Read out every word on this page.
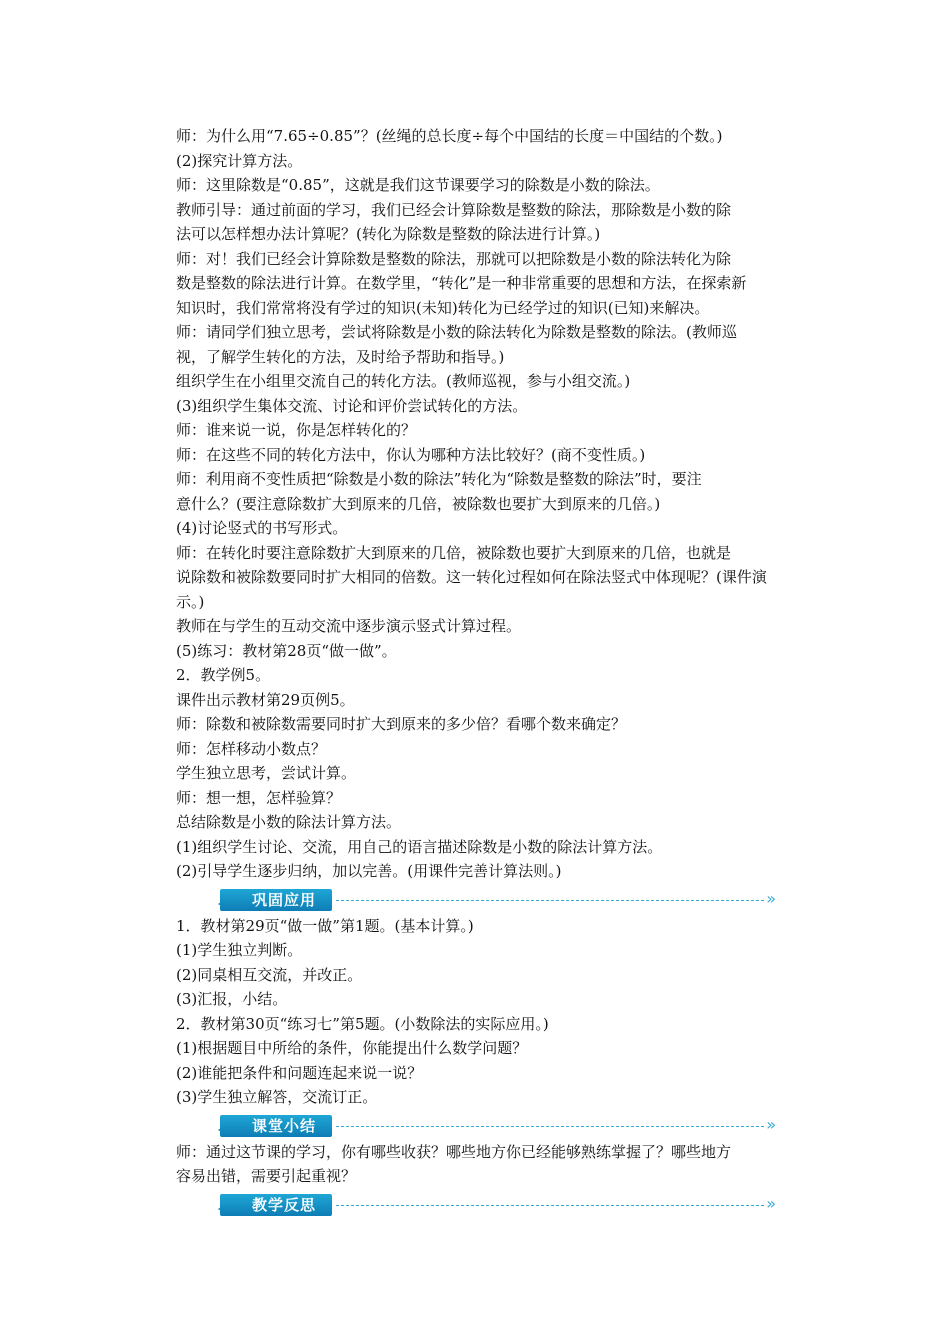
师：为什么用“7.65÷0.85”？(丝绳的总长度÷每个中国结的长度＝中国结的个数。)

(2)探究计算方法。

师：这里除数是“0.85”，这就是我们这节课要学习的除数是小数的除法。

教师引导：通过前面的学习，我们已经会计算除数是整数的除法，那除数是小数的除

法可以怎样想办法计算呢？(转化为除数是整数的除法进行计算。)

师：对！我们已经会计算除数是整数的除法，那就可以把除数是小数的除法转化为除

数是整数的除法进行计算。在数学里，“转化”是一种非常重要的思想和方法，在探索新

知识时，我们常常将没有学过的知识(未知)转化为已经学过的知识(已知)来解决。

师：请同学们独立思考，尝试将除数是小数的除法转化为除数是整数的除法。(教师巡

视，了解学生转化的方法，及时给予帮助和指导。)

组织学生在小组里交流自己的转化方法。(教师巡视，参与小组交流。)

(3)组织学生集体交流、讨论和评价尝试转化的方法。

师：谁来说一说，你是怎样转化的？

师：在这些不同的转化方法中，你认为哪种方法比较好？(商不变性质。)

师：利用商不变性质把“除数是小数的除法”转化为“除数是整数的除法”时，要注

意什么？(要注意除数扩大到原来的几倍，被除数也要扩大到原来的几倍。)

(4)讨论竖式的书写形式。

师：在转化时要注意除数扩大到原来的几倍，被除数也要扩大到原来的几倍，也就是

说除数和被除数要同时扩大相同的倍数。这一转化过程如何在除法竖式中体现呢？(课件演

示。)

教师在与学生的互动交流中逐步演示竖式计算过程。

(5)练习：教材第28页“做一做”。

2．教学例5。

课件出示教材第29页例5。

师：除数和被除数需要同时扩大到原来的多少倍？看哪个数来确定？

师：怎样移动小数点？

学生独立思考，尝试计算。

师：想一想，怎样验算？

总结除数是小数的除法计算方法。

(1)组织学生讨论、交流，用自己的语言描述除数是小数的除法计算方法。

(2)引导学生逐步归纳，加以完善。(用课件完善计算法则。)

巩固应用	»

1．教材第29页“做一做”第1题。(基本计算。)

(1)学生独立判断。

(2)同桌相互交流，并改正。

(3)汇报，小结。

2．教材第30页“练习七”第5题。(小数除法的实际应用。)

(1)根据题目中所给的条件，你能提出什么数学问题？

(2)谁能把条件和问题连起来说一说？

(3)学生独立解答，交流订正。

课堂小结	»

师：通过这节课的学习，你有哪些收获？哪些地方你已经能够熟练掌握了？哪些地方

容易出错，需要引起重视？

教学反思	»
